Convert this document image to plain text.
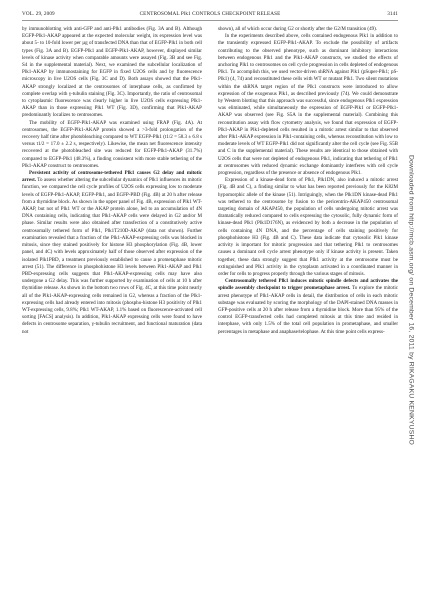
VOL. 29, 2009	CENTROSOMAL Plk1 CONTROLS CHECKPOINT RELEASE	3141

by immunoblotting with anti-GFP and anti-Plk1 antibodies (Fig. 3A and B). Although EGFP-Plk1-AKAP appeared at the expected molecular weight, its expression level was about 5- to 10-fold lower per µg of transfected DNA than that of EGFP-Plk1 in both cell types (Fig. 3A and B). EGFP-Plk1 and EGFP-Plk1-AKAP, however, displayed similar levels of kinase activity when comparable amounts were assayed (Fig. 3B and see Fig. S4 in the supplemental material). Next, we examined the subcellular localization of Plk1-AKAP by immunostaining for EGFP in fixed U2OS cells and by fluorescence microscopy in live U2OS cells (Fig. 3C and D). Both assays showed that the Plk1-AKAP strongly localized at the centrosomes of interphase cells, as confirmed by complete overlap with γ-tubulin staining (Fig. 3C). Importantly, the ratio of centrosomal to cytoplasmic fluorescence was clearly higher in live U2OS cells expressing Plk1-AKAP than in those expressing Plk1 WT (Fig. 3D), confirming that Plk1-AKAP predominantly localizes to centrosomes.

The mobility of EGFP-Plk1-AKAP was examined using FRAP (Fig. 4A). At centrosomes, the EGFP-Plk1-AKAP protein showed a >3-fold prolongation of the recovery half time after photobleaching compared to WT EGFP-Plk1 (t1/2 = 58.3 ± 6.8 s versus t1/2 = 17.0 ± 2.2 s, respectively). Likewise, the mean net fluorescence intensity recovered at the photobleached site was reduced for EGFP-Plk1-AKAP (31.7%) compared to EGFP-Plk1 (48.3%), a finding consistent with more stable tethering of the Plk1-AKAP construct to centrosomes.

Persistent activity of centrosome-tethered Plk1 causes G2 delay and mitotic arrest. To assess whether altering the subcellular dynamics of Plk1 influences its mitotic function, we compared the cell cycle profiles of U2OS cells expressing low to moderate levels of EGFP-Plk1-AKAP, EGFP-Plk1, and EGFP-PBD (Fig. 4B) at 20 h after release from a thymidine block. As shown in the upper panel of Fig. 4B, expression of Plk1 WT-AKAP, but not of Plk1 WT or the AKAP protein alone, led to an accumulation of 4N DNA containing cells, indicating that Plk1-AKAP cells were delayed in G2 and/or M phase. Similar results were also obtained after transfection of a constitutively active centrosomally tethered form of Plk1, Plk1T210D-AKAP (data not shown). Further examination revealed that a fraction of the Plk1-AKAP-expressing cells was blocked in mitosis, since they stained positively for histone H3 phosphorylation (Fig. 4B, lower panel, and 4C) with levels approximately half of those observed after expression of the isolated Plk1PBD, a treatment previously established to cause a prometaphase mitotic arrest (51). The difference in phosphohistone H3 levels between Plk1-AKAP and Plk1 PBD-expressing cells suggests that Plk1-AKAP-expressing cells may have also undergone a G2 delay. This was further supported by examination of cells at 10 h after thymidine release. As shown in the bottom two rows of Fig. 4C, at this time point nearly all of the Plk1-AKAP-expressing cells remained in G2, whereas a fraction of the Plk1-expressing cells had already entered into mitosis (phospho-histone H3 positivity of Plk1 WT-expressing cells, 9.8%; Plk1 WT-AKAP, 1.1% based on fluorescence-activated cell sorting [FACS] analysis). In addition, Plk1-AKAP expressing cells were found to have defects in centrosome separation, γ-tubulin recruitment, and functional maturation (data not

shown), all of which occur during G2 or shortly after the G2/M transition (49).

In the experiments described above, cells contained endogenous Plk1 in addition to the transiently expressed EGFP-Plk1-AKAP. To exclude the possibility of artifacts contributing to the observed phenotype, such as dominant inhibitory interactions between endogenous Plk1 and the Plk1-AKAP constructs, we studied the effects of anchoring Plk1 to centrosomes on cell cycle progression in cells depleted of endogenous Plk1. To accomplish this, we used vector-driven shRNA against Plk1 (pSuper-Plk1; pS-Plk1) (4, 74) and reconstituted these cells with WT or mutant Plk1. Two silent mutations within the shRNA target region of the Plk1 constructs were introduced to allow expression of the exogenous Plk1, as described previously (74). We could demonstrate by Western blotting that this approach was successful, since endogenous Plk1 expression was eliminated, while simultaneously the expression of EGFP-Plk1 or EGFP-Plk1-AKAP was observed (see Fig. S5A in the supplemental material). Combining this reconstitution assay with flow cytometry analysis, we found that expression of EGFP-Plk1-AKAP in Plk1-depleted cells resulted in a mitotic arrest similar to that observed after Plk1-AKAP expression in Plk1-containing cells, whereas reconstitution with low to moderate levels of WT EGFP-Plk1 did not significantly alter the cell cycle (see Fig. S5B and C in the supplemental material). These results are identical to those obtained with U2OS cells that were not depleted of endogenous Plk1, indicating that tethering of Plk1 at centrosomes with reduced dynamic exchange dominantly interferes with cell cycle progression, regardless of the presence or absence of endogenous Plk1.

Expression of a kinase-dead form of Plk1, Plk1DN, also induced a mitotic arrest (Fig. 4B and C), a finding similar to what has been reported previously for the K82M hypomorphic allele of the kinase (51). Intriguingly, when the Plk1DN kinase-dead Plk1 was tethered to the centrosome by fusion to the pericentrin-AKAP450 centrosomal targeting domain of AKAP450, the population of cells undergoing mitotic arrest was dramatically reduced compared to cells expressing the cytosolic, fully dynamic form of kinase-dead Plk1 (Plk1D176N), as evidenced by both a decrease in the population of cells containing 4N DNA, and the percentage of cells staining positively for phosphohistone H3 (Fig. 4B and C). These data indicate that cytosolic Plk1 kinase activity is important for mitotic progression and that tethering Plk1 to centrosomes causes a dominant cell cycle arrest phenotype only if kinase activity is present. Taken together, these data strongly suggest that Plk1 activity at the centrosome must be extinguished and Plk1 activity in the cytoplasm activated in a coordinated manner in order for cells to progress properly through the various stages of mitosis.

Centrosomally tethered Plk1 induces mitotic spindle defects and activates the spindle assembly checkpoint to trigger prometaphase arrest. To explore the mitotic arrest phenotype of Plk1-AKAP cells in detail, the distribution of cells in each mitotic substage was evaluated by scoring the morphology of the DAPI-stained DNA masses in GFP-positive cells at 20 h after release from a thymidine block. More than 95% of the control EGFP-transfected cells had completed mitosis at this time and resided in interphase, with only 1.5% of the total cell population in prometaphase, and smaller percentages in metaphase and anaphase/telophase. At this time point cells express-	Downloaded from http://mcb.asm.org/ on December 16, 2011 by RIKAGAKU KENKYUSHO
